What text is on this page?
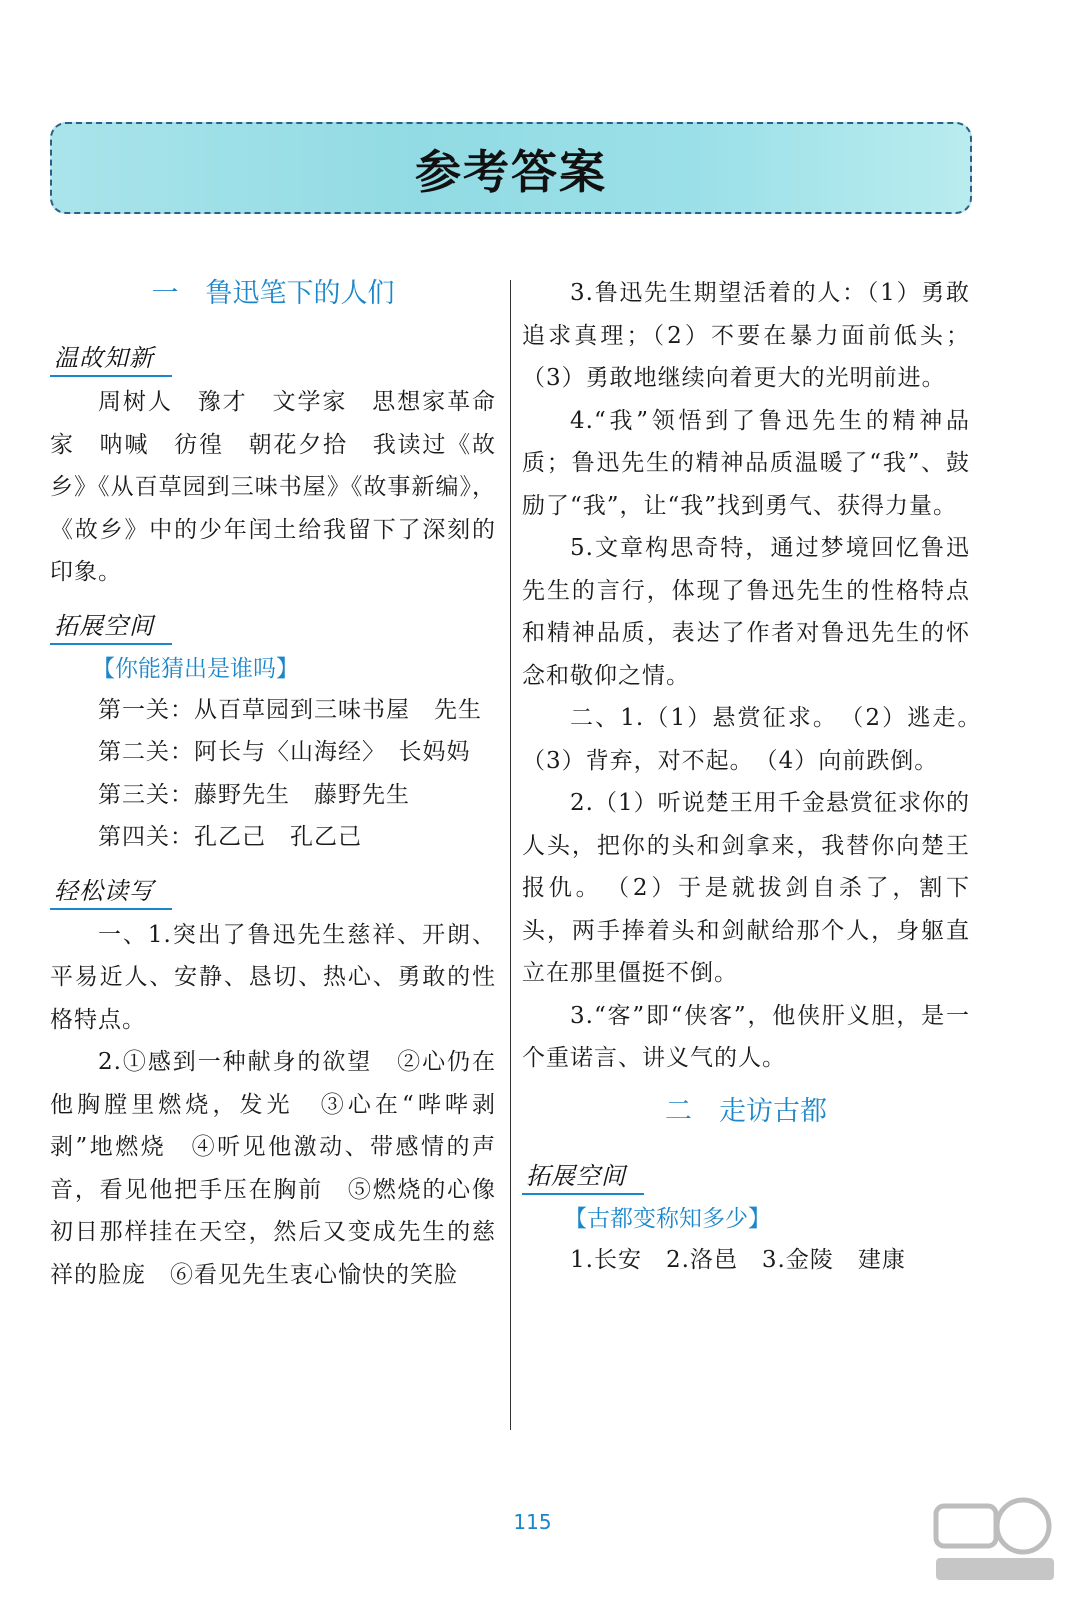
参考答案
一　鲁迅笔下的人们
温故知新

周树人　豫才　文学家　思想家革命家　呐喊　彷徨　朝花夕拾　我读过《故乡》《从百草园到三味书屋》《故事新编》，《故乡》中的少年闰土给我留下了深刻的印象。

拓展空间
【你能猜出是谁吗】

第一关：从百草园到三味书屋　先生

第二关：阿长与〈山海经〉　长妈妈

第三关：藤野先生　藤野先生

第四关：孔乙己　孔乙己

轻松读写

一、1.突出了鲁迅先生慈祥、开朗、平易近人、安静、恳切、热心、勇敢的性格特点。

2.①感到一种献身的欲望　②心仍在他胸膛里燃烧，发光　③心在“哔哔剥剥”地燃烧　④听见他激动、带感情的声音，看见他把手压在胸前　⑤燃烧的心像初日那样挂在天空，然后又变成先生的慈祥的脸庞　⑥看见先生衷心愉快的笑脸

3.鲁迅先生期望活着的人：（1）勇敢追求真理；（2）不要在暴力面前低头；（3）勇敢地继续向着更大的光明前进。

4.“我”领悟到了鲁迅先生的精神品质；鲁迅先生的精神品质温暖了“我”、鼓励了“我”，让“我”找到勇气、获得力量。

5.文章构思奇特，通过梦境回忆鲁迅先生的言行，体现了鲁迅先生的性格特点和精神品质，表达了作者对鲁迅先生的怀念和敬仰之情。

二、1.（1）悬赏征求。　（2）逃走。　（3）背弃，对不起。　（4）向前跌倒。

2.（1）听说楚王用千金悬赏征求你的人头，把你的头和剑拿来，我替你向楚王报仇。　（2）于是就拔剑自杀了，割下头，两手捧着头和剑献给那个人，身躯直立在那里僵挺不倒。

3.“客”即“侠客”，他侠肝义胆，是一个重诺言、讲义气的人。

二　走访古都
拓展空间
【古都变称知多少】

1.长安　2.洛邑　3.金陵　建康

115
